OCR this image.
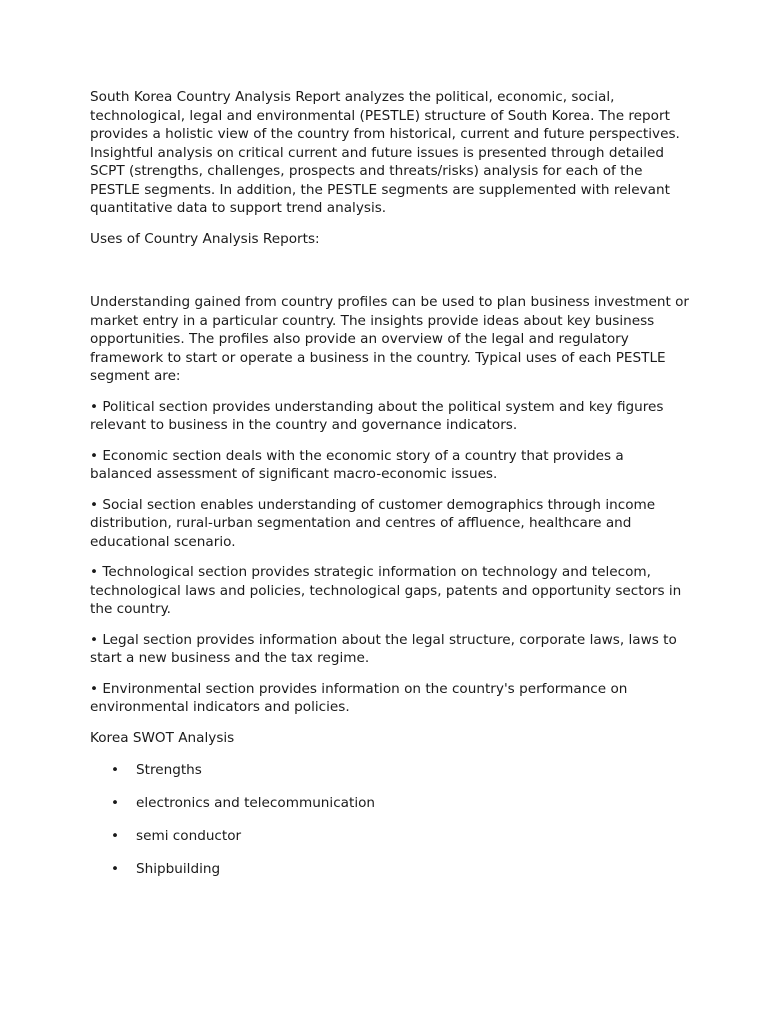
South Korea Country Analysis Report analyzes the political, economic, social, technological, legal and environmental (PESTLE) structure of South Korea. The report provides a holistic view of the country from historical, current and future perspectives. Insightful analysis on critical current and future issues is presented through detailed SCPT (strengths, challenges, prospects and threats/risks) analysis for each of the PESTLE segments. In addition, the PESTLE segments are supplemented with relevant quantitative data to support trend analysis.

Uses of Country Analysis Reports:

Understanding gained from country profiles can be used to plan business investment or market entry in a particular country. The insights provide ideas about key business opportunities. The profiles also provide an overview of the legal and regulatory framework to start or operate a business in the country. Typical uses of each PESTLE segment are:

• Political section provides understanding about the political system and key figures relevant to business in the country and governance indicators.

• Economic section deals with the economic story of a country that provides a balanced assessment of significant macro-economic issues.

• Social section enables understanding of customer demographics through income distribution, rural-urban segmentation and centres of affluence, healthcare and educational scenario.

• Technological section provides strategic information on technology and telecom, technological laws and policies, technological gaps, patents and opportunity sectors in the country.

• Legal section provides information about the legal structure, corporate laws, laws to start a new business and the tax regime.

• Environmental section provides information on the country's performance on environmental indicators and policies.

Korea SWOT Analysis

• Strengths
• electronics and telecommunication
• semi conductor
• Shipbuilding
